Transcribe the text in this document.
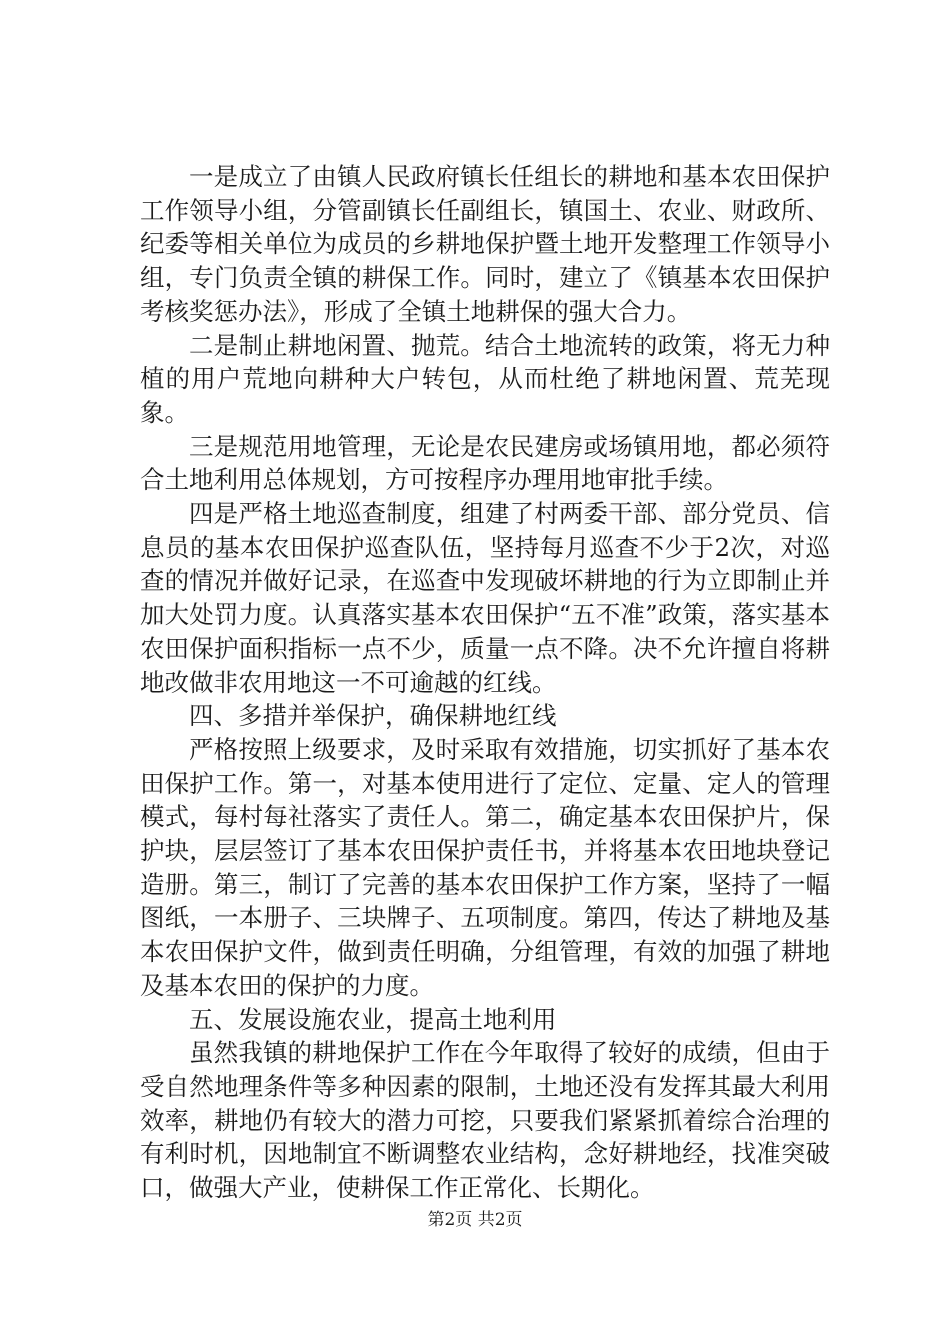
一是成立了由镇人民政府镇长任组长的耕地和基本农田保护工作领导小组，分管副镇长任副组长，镇国土、农业、财政所、纪委等相关单位为成员的乡耕地保护暨土地开发整理工作领导小组，专门负责全镇的耕保工作。同时，建立了《镇基本农田保护考核奖惩办法》，形成了全镇土地耕保的强大合力。

二是制止耕地闲置、抛荒。结合土地流转的政策，将无力种植的用户荒地向耕种大户转包，从而杜绝了耕地闲置、荒芜现象。

三是规范用地管理，无论是农民建房或场镇用地，都必须符合土地利用总体规划，方可按程序办理用地审批手续。

四是严格土地巡查制度，组建了村两委干部、部分党员、信息员的基本农田保护巡查队伍，坚持每月巡查不少于2次，对巡查的情况并做好记录，在巡查中发现破坏耕地的行为立即制止并加大处罚力度。认真落实基本农田保护“五不准”政策，落实基本农田保护面积指标一点不少，质量一点不降。决不允许擅自将耕地改做非农用地这一不可逾越的红线。

四、多措并举保护，确保耕地红线

严格按照上级要求，及时采取有效措施，切实抓好了基本农田保护工作。第一，对基本使用进行了定位、定量、定人的管理模式，每村每社落实了责任人。第二，确定基本农田保护片，保护块，层层签订了基本农田保护责任书，并将基本农田地块登记造册。第三，制订了完善的基本农田保护工作方案，坚持了一幅图纸，一本册子、三块牌子、五项制度。第四，传达了耕地及基本农田保护文件，做到责任明确，分组管理，有效的加强了耕地及基本农田的保护的力度。

五、发展设施农业，提高土地利用

虽然我镇的耕地保护工作在今年取得了较好的成绩，但由于受自然地理条件等多种因素的限制，土地还没有发挥其最大利用效率，耕地仍有较大的潜力可挖，只要我们紧紧抓着综合治理的有利时机，因地制宜不断调整农业结构，念好耕地经，找准突破口，做强大产业，使耕保工作正常化、长期化。

第2页 共2页
